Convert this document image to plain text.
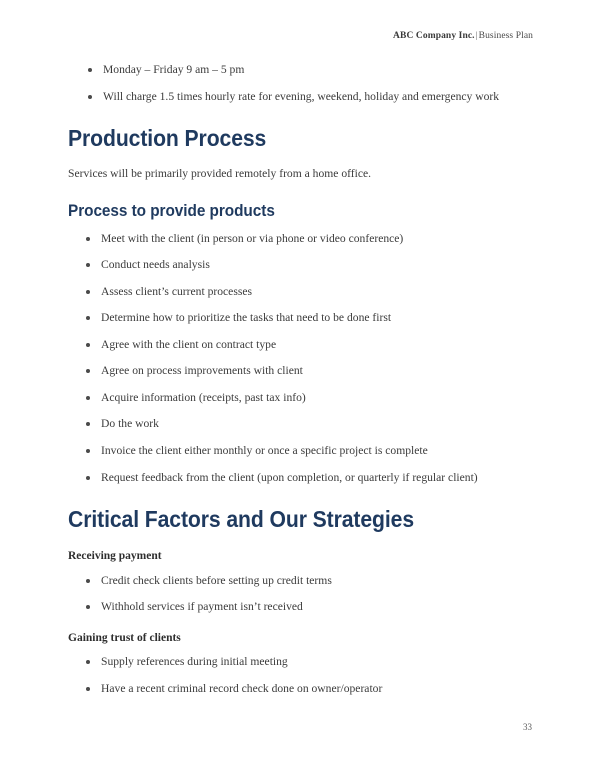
ABC Company Inc.|Business Plan
Monday – Friday 9 am – 5 pm
Will charge 1.5 times hourly rate for evening, weekend, holiday and emergency work
Production Process

Services will be primarily provided remotely from a home office.

Process to provide products
Meet with the client (in person or via phone or video conference)
Conduct needs analysis
Assess client’s current processes
Determine how to prioritize the tasks that need to be done first
Agree with the client on contract type
Agree on process improvements with client
Acquire information (receipts, past tax info)
Do the work
Invoice the client either monthly or once a specific project is complete
Request feedback from the client (upon completion, or quarterly if regular client)
Critical Factors and Our Strategies
Receiving payment
Credit check clients before setting up credit terms
Withhold services if payment isn’t received
Gaining trust of clients
Supply references during initial meeting
Have a recent criminal record check done on owner/operator
33
